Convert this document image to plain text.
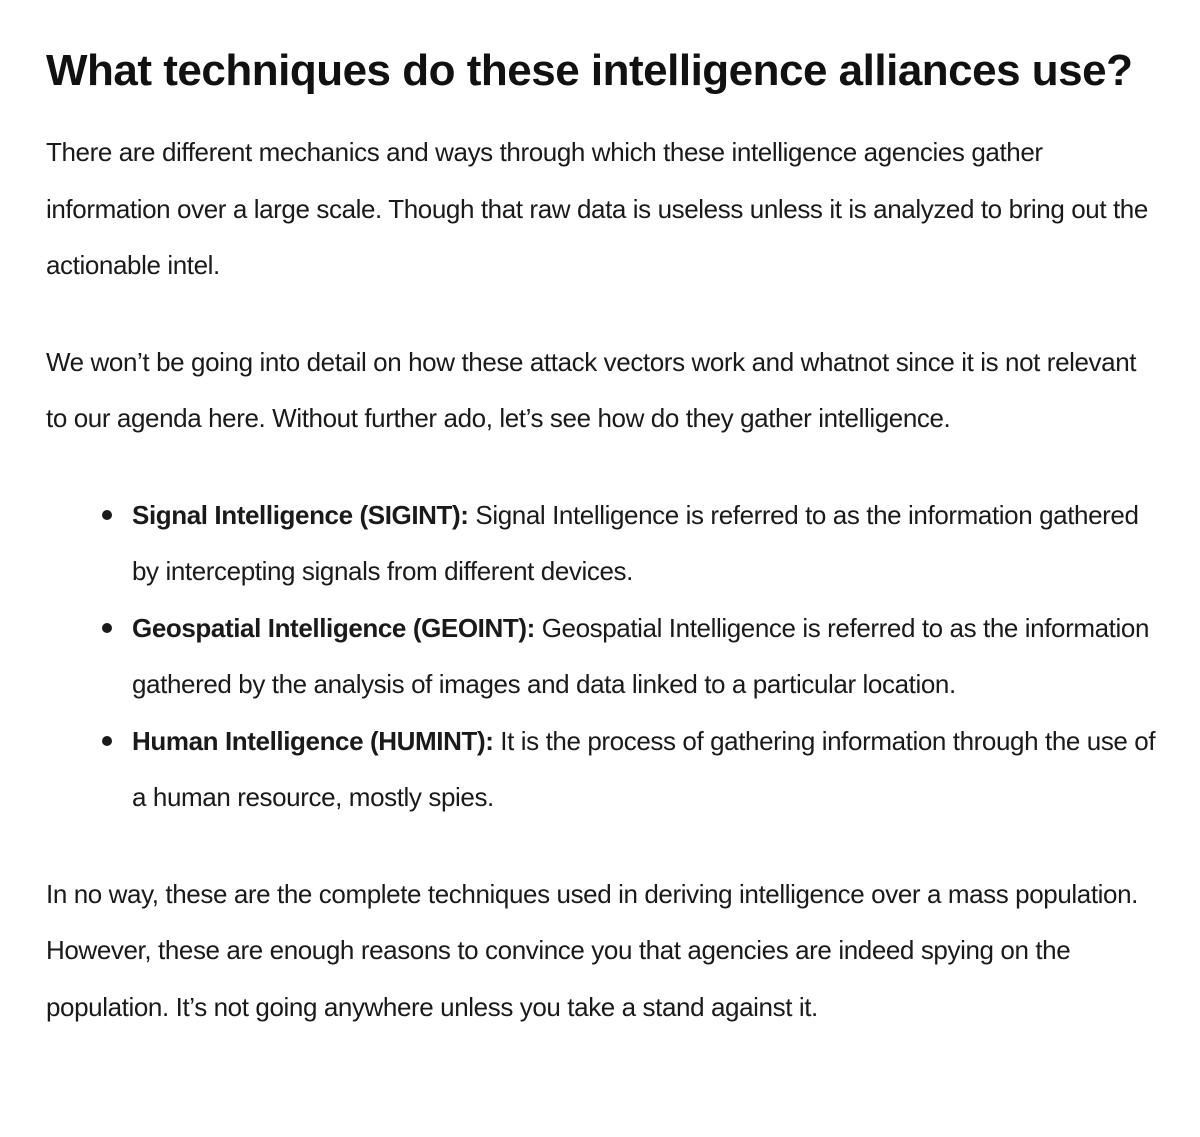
What techniques do these intelligence alliances use?

There are different mechanics and ways through which these intelligence agencies gather information over a large scale. Though that raw data is useless unless it is analyzed to bring out the actionable intel.

We won’t be going into detail on how these attack vectors work and whatnot since it is not relevant to our agenda here. Without further ado, let’s see how do they gather intelligence.

Signal Intelligence (SIGINT): Signal Intelligence is referred to as the information gathered by intercepting signals from different devices.
Geospatial Intelligence (GEOINT): Geospatial Intelligence is referred to as the information gathered by the analysis of images and data linked to a particular location.
Human Intelligence (HUMINT): It is the process of gathering information through the use of a human resource, mostly spies.

In no way, these are the complete techniques used in deriving intelligence over a mass population. However, these are enough reasons to convince you that agencies are indeed spying on the population. It’s not going anywhere unless you take a stand against it.
